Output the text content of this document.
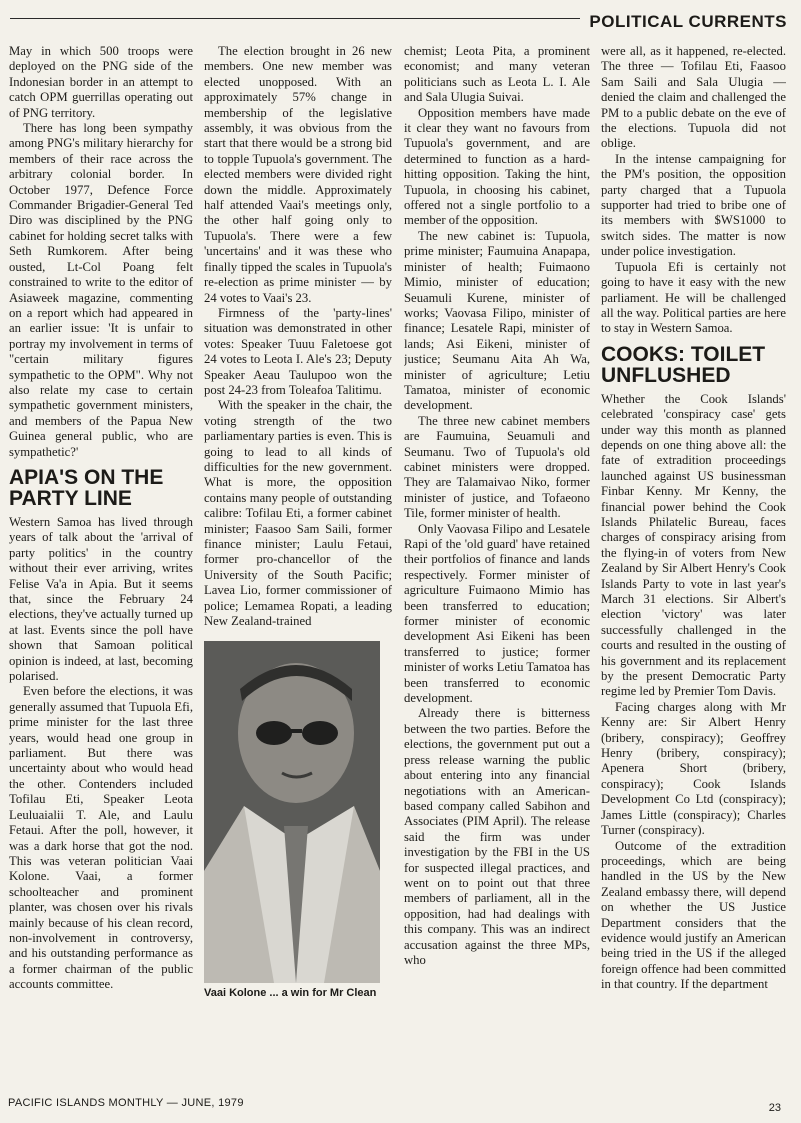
POLITICAL CURRENTS

May in which 500 troops were deployed on the PNG side of the Indonesian border in an attempt to catch OPM guerrillas operating out of PNG territory.

There has long been sympathy among PNG's military hierarchy for members of their race across the arbitrary colonial border. In October 1977, Defence Force Commander Brigadier-General Ted Diro was disciplined by the PNG cabinet for holding secret talks with Seth Rumkorem. After being ousted, Lt-Col Poang felt constrained to write to the editor of Asiaweek magazine, commenting on a report which had appeared in an earlier issue: 'It is unfair to portray my involvement in terms of "certain military figures sympathetic to the OPM". Why not also relate my case to certain sympathetic government ministers, and members of the Papua New Guinea general public, who are sympathetic?'

APIA'S ON THE PARTY LINE

Western Samoa has lived through years of talk about the 'arrival of party politics' in the country without their ever arriving, writes Felise Va'a in Apia. But it seems that, since the February 24 elections, they've actually turned up at last. Events since the poll have shown that Samoan political opinion is indeed, at last, becoming polarised.

Even before the elections, it was generally assumed that Tupuola Efi, prime minister for the last three years, would head one group in parliament. But there was uncertainty about who would head the other. Contenders included Tofilau Eti, Speaker Leota Leuluaialii T. Ale, and Laulu Fetaui. After the poll, however, it was a dark horse that got the nod. This was veteran politician Vaai Kolone. Vaai, a former schoolteacher and prominent planter, was chosen over his rivals mainly because of his clean record, non-involvement in controversy, and his outstanding performance as a former chairman of the public accounts committee.

The election brought in 26 new members. One new member was elected unopposed. With an approximately 57% change in membership of the legislative assembly, it was obvious from the start that there would be a strong bid to topple Tupuola's government. The elected members were divided right down the middle. Approximately half attended Vaai's meetings only, the other half going only to Tupuola's. There were a few 'uncertains' and it was these who finally tipped the scales in Tupuola's re-election as prime minister — by 24 votes to Vaai's 23.

Firmness of the 'party-lines' situation was demonstrated in other votes: Speaker Tuuu Faletoese got 24 votes to Leota I. Ale's 23; Deputy Speaker Aeau Taulupoo won the post 24-23 from Toleafoa Talitimu.

With the speaker in the chair, the voting strength of the two parliamentary parties is even. This is going to lead to all kinds of difficulties for the new government. What is more, the opposition contains many people of outstanding calibre: Tofilau Eti, a former cabinet minister; Faasoo Sam Saili, former finance minister; Laulu Fetaui, former pro-chancellor of the University of the South Pacific; Lavea Lio, former commissioner of police; Lemamea Ropati, a leading New Zealand-trained

Vaai Kolone ... a win for Mr Clean

chemist; Leota Pita, a prominent economist; and many veteran politicians such as Leota L. I. Ale and Sala Ulugia Suivai.

Opposition members have made it clear they want no favours from Tupuola's government, and are determined to function as a hard-hitting opposition. Taking the hint, Tupuola, in choosing his cabinet, offered not a single portfolio to a member of the opposition.

The new cabinet is: Tupuola, prime minister; Faumuina Anapapa, minister of health; Fuimaono Mimio, minister of education; Seuamuli Kurene, minister of works; Vaovasa Filipo, minister of finance; Lesatele Rapi, minister of lands; Asi Eikeni, minister of justice; Seumanu Aita Ah Wa, minister of agriculture; Letiu Tamatoa, minister of economic development.

The three new cabinet members are Faumuina, Seuamuli and Seumanu. Two of Tupuola's old cabinet ministers were dropped. They are Talamaivao Niko, former minister of justice, and Tofaeono Tile, former minister of health.

Only Vaovasa Filipo and Lesatele Rapi of the 'old guard' have retained their portfolios of finance and lands respectively. Former minister of agriculture Fuimaono Mimio has been transferred to education; former minister of economic development Asi Eikeni has been transferred to justice; former minister of works Letiu Tamatoa has been transferred to economic development.

Already there is bitterness between the two parties. Before the elections, the government put out a press release warning the public about entering into any financial negotiations with an American-based company called Sabihon and Associates (PIM April). The release said the firm was under investigation by the FBI in the US for suspected illegal practices, and went on to point out that three members of parliament, all in the opposition, had had dealings with this company. This was an indirect accusation against the three MPs, who

were all, as it happened, re-elected. The three — Tofilau Eti, Faasoo Sam Saili and Sala Ulugia — denied the claim and challenged the PM to a public debate on the eve of the elections. Tupuola did not oblige.

In the intense campaigning for the PM's position, the opposition party charged that a Tupuola supporter had tried to bribe one of its members with $WS1000 to switch sides. The matter is now under police investigation.

Tupuola Efi is certainly not going to have it easy with the new parliament. He will be challenged all the way. Political parties are here to stay in Western Samoa.

COOKS: TOILET UNFLUSHED

Whether the Cook Islands' celebrated 'conspiracy case' gets under way this month as planned depends on one thing above all: the fate of extradition proceedings launched against US businessman Finbar Kenny. Mr Kenny, the financial power behind the Cook Islands Philatelic Bureau, faces charges of conspiracy arising from the flying-in of voters from New Zealand by Sir Albert Henry's Cook Islands Party to vote in last year's March 31 elections. Sir Albert's election 'victory' was later successfully challenged in the courts and resulted in the ousting of his government and its replacement by the present Democratic Party regime led by Premier Tom Davis.

Facing charges along with Mr Kenny are: Sir Albert Henry (bribery, conspiracy); Geoffrey Henry (bribery, conspiracy); Apenera Short (bribery, conspiracy); Cook Islands Development Co Ltd (conspiracy); James Little (conspiracy); Charles Turner (conspiracy).

Outcome of the extradition proceedings, which are being handled in the US by the New Zealand embassy there, will depend on whether the US Justice Department considers that the evidence would justify an American being tried in the US if the alleged foreign offence had been committed in that country. If the department

PACIFIC ISLANDS MONTHLY — JUNE, 1979	23
